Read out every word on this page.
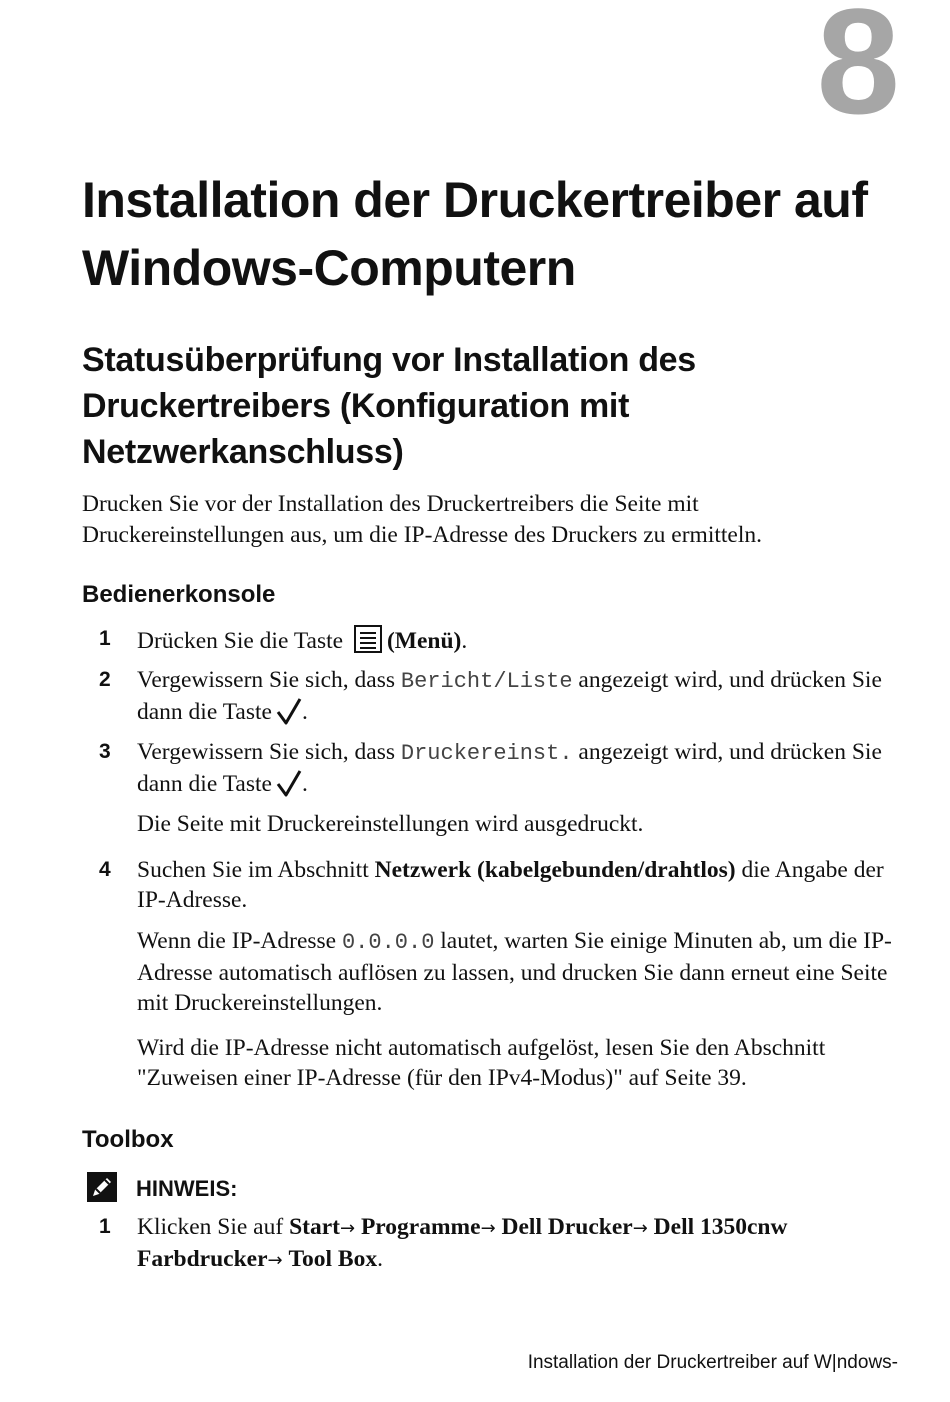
8
Installation der Druckertreiber auf Windows-Computern
Statusüberprüfung vor Installation des Druckertreibers (Konfiguration mit Netzwerkanschluss)
Drucken Sie vor der Installation des Druckertreibers die Seite mit Druckereinstellungen aus, um die IP-Adresse des Druckers zu ermitteln.
Bedienerkonsole
1 Drücken Sie die Taste (Menü).
2 Vergewissern Sie sich, dass Bericht/Liste angezeigt wird, und drücken Sie dann die Taste .
3 Vergewissern Sie sich, dass Druckereinst. angezeigt wird, und drücken Sie dann die Taste .
Die Seite mit Druckereinstellungen wird ausgedruckt.
4 Suchen Sie im Abschnitt Netzwerk (kabelgebunden/drahtlos) die Angabe der IP-Adresse.
Wenn die IP-Adresse 0.0.0.0 lautet, warten Sie einige Minuten ab, um die IP-Adresse automatisch auflösen zu lassen, und drucken Sie dann erneut eine Seite mit Druckereinstellungen.
Wird die IP-Adresse nicht automatisch aufgelöst, lesen Sie den Abschnitt "Zuweisen einer IP-Adresse (für den IPv4-Modus)" auf Seite 39.
Toolbox
HINWEIS:
1 Klicken Sie auf Start→ Programme→ Dell Drucker→ Dell 1350cnw Farbdrucker→ Tool Box.
Installation der Druckertreiber auf W|ndows-
